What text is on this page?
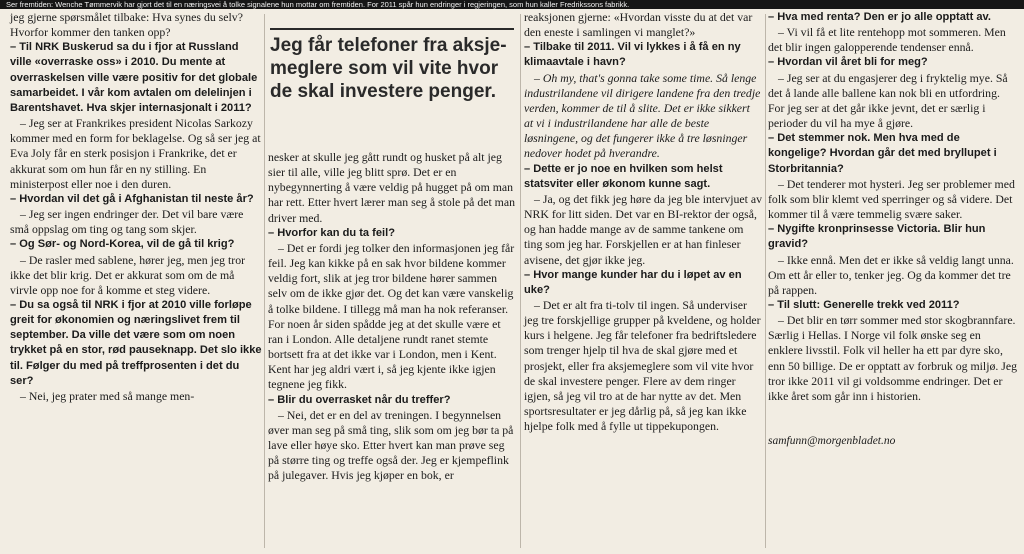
Ser fremtiden: Wenche Tømmervik har gjort det til en næringsvei å tolke signalene hun mottar om fremtiden. For 2011 spår hun endringer i regjeringen, som hun kaller Fredrikssons fabrikk.

jeg gjerne spørsmålet tilbake: Hva synes du selv? Hvorfor kommer den tanken opp?

– Til NRK Buskerud sa du i fjor at Russland ville «overraske oss» i 2010. Du mente at overraskelsen ville være positiv for det globale samarbeidet. I vår kom avtalen om delelinjen i Barentshavet. Hva skjer internasjonalt i 2011?

– Jeg ser at Frankrikes president Nicolas Sarkozy kommer med en form for beklagelse. Og så ser jeg at Eva Joly får en sterk posisjon i Frankrike, det er akkurat som om hun får en ny stilling. En ministerpost eller noe i den duren.

– Hvordan vil det gå i Afghanistan til neste år?

– Jeg ser ingen endringer der. Det vil bare være små oppslag om ting og tang som skjer.

– Og Sør- og Nord-Korea, vil de gå til krig?

– De rasler med sablene, hører jeg, men jeg tror ikke det blir krig. Det er akkurat som om de må virvle opp noe for å komme et steg videre.

– Du sa også til NRK i fjor at 2010 ville forløpe greit for økonomien og næringslivet frem til september. Da ville det være som om noen trykket på en stor, rød pauseknapp. Det slo ikke til. Følger du med på treffprosenten i det du ser?

– Nei, jeg prater med så mange men-

Jeg får telefoner fra aksje-meglere som vil vite hvor de skal investere penger.

nesker at skulle jeg gått rundt og husket på alt jeg sier til alle, ville jeg blitt sprø. Det er en nybegynnerting å være veldig på hugget på om man har rett. Etter hvert lærer man seg å stole på det man driver med.

– Hvorfor kan du ta feil?

– Det er fordi jeg tolker den informasjonen jeg får feil. Jeg kan kikke på en sak hvor bildene kommer veldig fort, slik at jeg tror bildene hører sammen selv om de ikke gjør det. Og det kan være vanskelig å tolke bildene. I tillegg må man ha nok referanser. For noen år siden spådde jeg at det skulle være et ran i London. Alle detaljene rundt ranet stemte bortsett fra at det ikke var i London, men i Kent. Kent har jeg aldri vært i, så jeg kjente ikke igjen tegnene jeg fikk.

– Blir du overrasket når du treffer?

– Nei, det er en del av treningen. I begynnelsen øver man seg på små ting, slik som om jeg bør ta på lave eller høye sko. Etter hvert kan man prøve seg på større ting og treffe også der. Jeg er kjempeflink på julegaver. Hvis jeg kjøper en bok, er

reaksjonen gjerne: «Hvordan visste du at det var den eneste i samlingen vi manglet?»

– Tilbake til 2011. Vil vi lykkes i å få en ny klimaavtale i havn?

– Oh my, that's gonna take some time. Så lenge industrilandene vil dirigere landene fra den tredje verden, kommer de til å slite. Det er ikke sikkert at vi i industrilandene har alle de beste løsningene, og det fungerer ikke å tre løsninger nedover hodet på hverandre.

– Dette er jo noe en hvilken som helst statsviter eller økonom kunne sagt.

– Ja, og det fikk jeg høre da jeg ble intervjuet av NRK for litt siden. Det var en BI-rektor der også, og han hadde mange av de samme tankene om ting som jeg har. Forskjellen er at han finleser avisene, det gjør ikke jeg.

– Hvor mange kunder har du i løpet av en uke?

– Det er alt fra ti-tolv til ingen. Så underviser jeg tre forskjellige grupper på kveldene, og holder kurs i helgene. Jeg får telefoner fra bedriftsledere som trenger hjelp til hva de skal gjøre med et prosjekt, eller fra aksjemeglere som vil vite hvor de skal investere penger. Flere av dem ringer igjen, så jeg vil tro at de har nytte av det. Men sportsresultater er jeg dårlig på, så jeg kan ikke hjelpe folk med å fylle ut tippekupongen.

– Hva med renta? Den er jo alle opptatt av.

– Vi vil få et lite rentehopp mot sommeren. Men det blir ingen galopperende tendenser ennå.

– Hvordan vil året bli for meg?

– Jeg ser at du engasjerer deg i fryktelig mye. Så det å lande alle ballene kan nok bli en utfordring. For jeg ser at det går ikke jevnt, det er særlig i perioder du vil ha mye å gjøre.

– Det stemmer nok. Men hva med de kongelige? Hvordan går det med bryllupet i Storbritannia?

– Det tenderer mot hysteri. Jeg ser problemer med folk som blir klemt ved sperringer og så videre. Det kommer til å være temmelig svære saker.

– Nygifte kronprinsesse Victoria. Blir hun gravid?

– Ikke ennå. Men det er ikke så veldig langt unna. Om ett år eller to, tenker jeg. Og da kommer det tre på rappen.

– Til slutt: Generelle trekk ved 2011?

– Det blir en tørr sommer med stor skogbrannfare. Særlig i Hellas. I Norge vil folk ønske seg en enklere livsstil. Folk vil heller ha ett par dyre sko, enn 50 billige. De er opptatt av forbruk og miljø. Jeg tror ikke 2011 vil gi voldsomme endringer. Det er ikke året som går inn i historien.

samfunn@morgenbladet.no
